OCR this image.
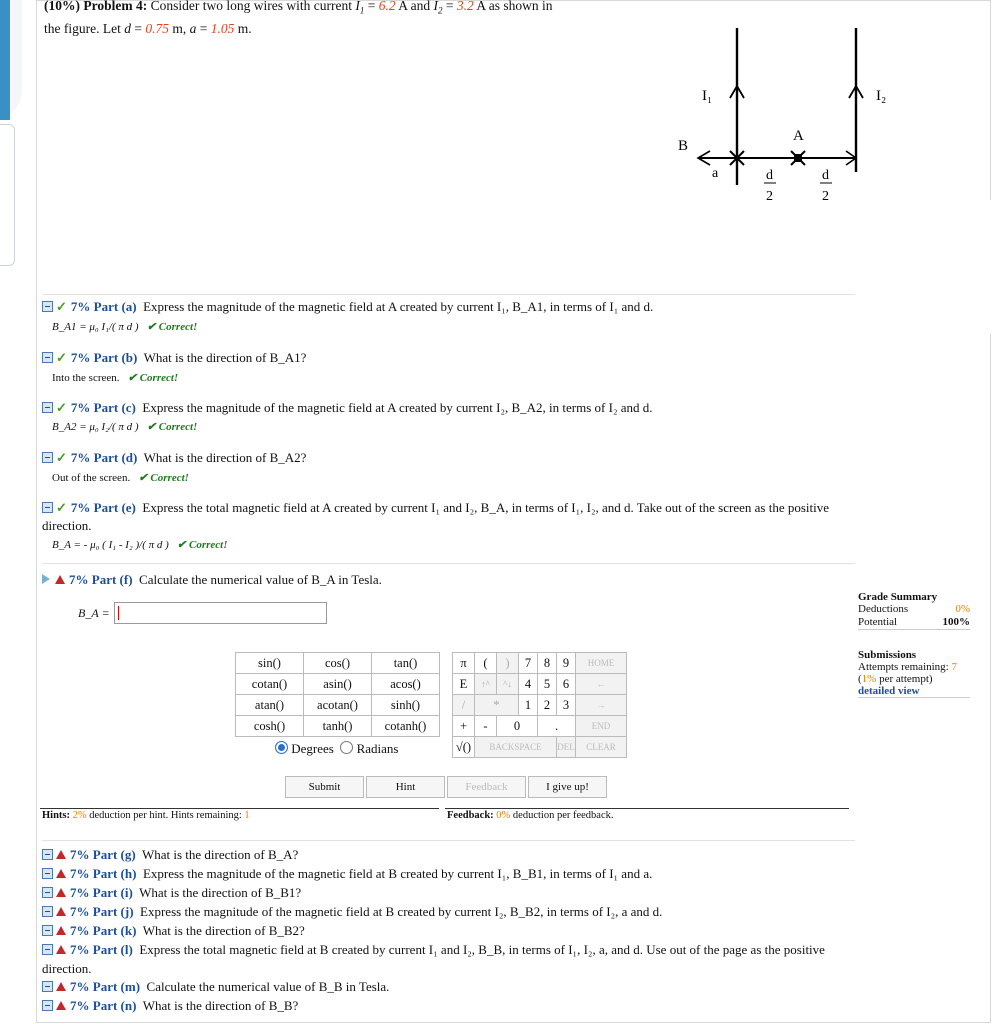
(10%) Problem 4: Consider two long wires with current $I_1 = 6.2$ A and $I_2 = 3.2$ A as shown in
the figure. Let d = 0.75 m, a = 1.05 m.
I₁	I₂
A
B
a	d
2
d
2
✓ 7% Part (a) Express the magnitude of the magnetic field at A created by current I₁, B_A1, in terms of I₁ and d.
B_A1 = μ₀ I₁/( π d ) ✔ Correct!
✓ 7% Part (b) What is the direction of B_A1?
Into the screen. ✔ Correct!
✓ 7% Part (c) Express the magnitude of the magnetic field at A created by current I₂, B_A2, in terms of I₂ and d.
B_A2 = μ₀ I₂/( π d ) ✔ Correct!
✓ 7% Part (d) What is the direction of B_A2?
Out of the screen. ✔ Correct!
✓ 7% Part (e) Express the total magnetic field at A created by current I₁ and I₂, B_A, in terms of I₁, I₂, and d. Take out of the screen as the positive
direction.
B_A = - μ₀ ( I₁ - I₂ )/( π d ) ✔ Correct!
7% Part (f) Calculate the numerical value of B_A in Tesla.
B_A =
Grade Summary
Deductions	0%
Potential	100%
Submissions
Attempts remaining: 7
(1% per attempt)
detailed view
sin()	cos()	tan()
cotan()	asin()	acos()
atan()	acotan()	sinh()
cosh()	tanh()	cotanh()
Degrees Radians
π	(	)	7	8	9	HOME
E	↑^	^↓	4	5	6	←
/	*		1	2	3	→
+	-	0		.		END
√()	BACKSPACE				DEL	CLEAR
Submit	Hint	Feedback	I give up!
Hints: 2% deduction per hint. Hints remaining: 1	Feedback: 0% deduction per feedback.
7% Part (g) What is the direction of B_A?
7% Part (h) Express the magnitude of the magnetic field at B created by current I₁, B_B1, in terms of I₁ and a.
7% Part (i) What is the direction of B_B1?
7% Part (j) Express the magnitude of the magnetic field at B created by current I₂, B_B2, in terms of I₂, a and d.
7% Part (k) What is the direction of B_B2?
7% Part (l) Express the total magnetic field at B created by current I₁ and I₂, B_B, in terms of I₁, I₂, a, and d. Use out of the page as the positive
direction.
7% Part (m) Calculate the numerical value of B_B in Tesla.
7% Part (n) What is the direction of B_B?
